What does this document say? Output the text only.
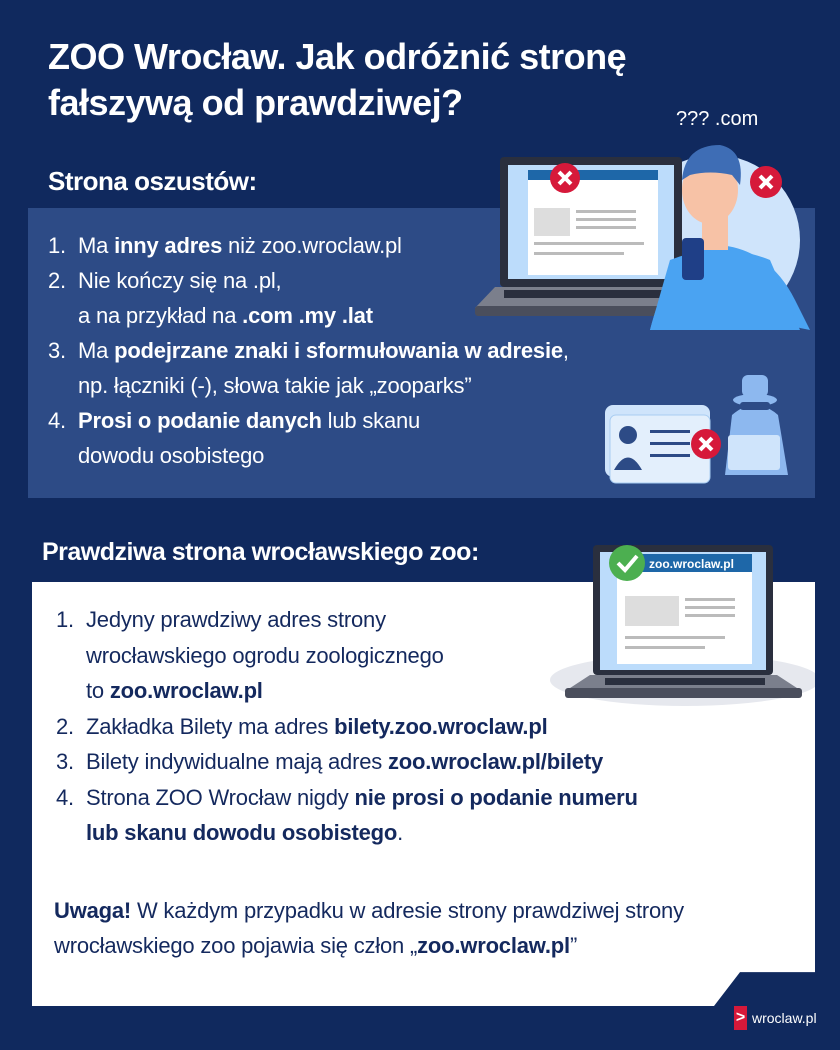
ZOO Wrocław. Jak odróżnić stronę
fałszywą od prawdziwej?
Strona oszustów:
??? .com
1. Ma inny adres niż zoo.wroclaw.pl
2. Nie kończy się na .pl,
a na przykład na .com .my .lat
3. Ma podejrzane znaki i sformułowania w adresie,
np. łączniki (-), słowa takie jak „zooparks”
4. Prosi o podanie danych lub skanu
dowodu osobistego
Prawdziwa strona wrocławskiego zoo:	zoo.wroclaw.pl
1. Jedyny prawdziwy adres strony
wrocławskiego ogrodu zoologicznego
to zoo.wroclaw.pl
2. Zakładka Bilety ma adres bilety.zoo.wroclaw.pl
3. Bilety indywidualne mają adres zoo.wroclaw.pl/bilety
4. Strona ZOO Wrocław nigdy nie prosi o podanie numeru
lub skanu dowodu osobistego.
Uwaga! W każdym przypadku w adresie strony prawdziwej strony wrocławskiego zoo pojawia się człon „zoo.wroclaw.pl”
> wroclaw.pl
